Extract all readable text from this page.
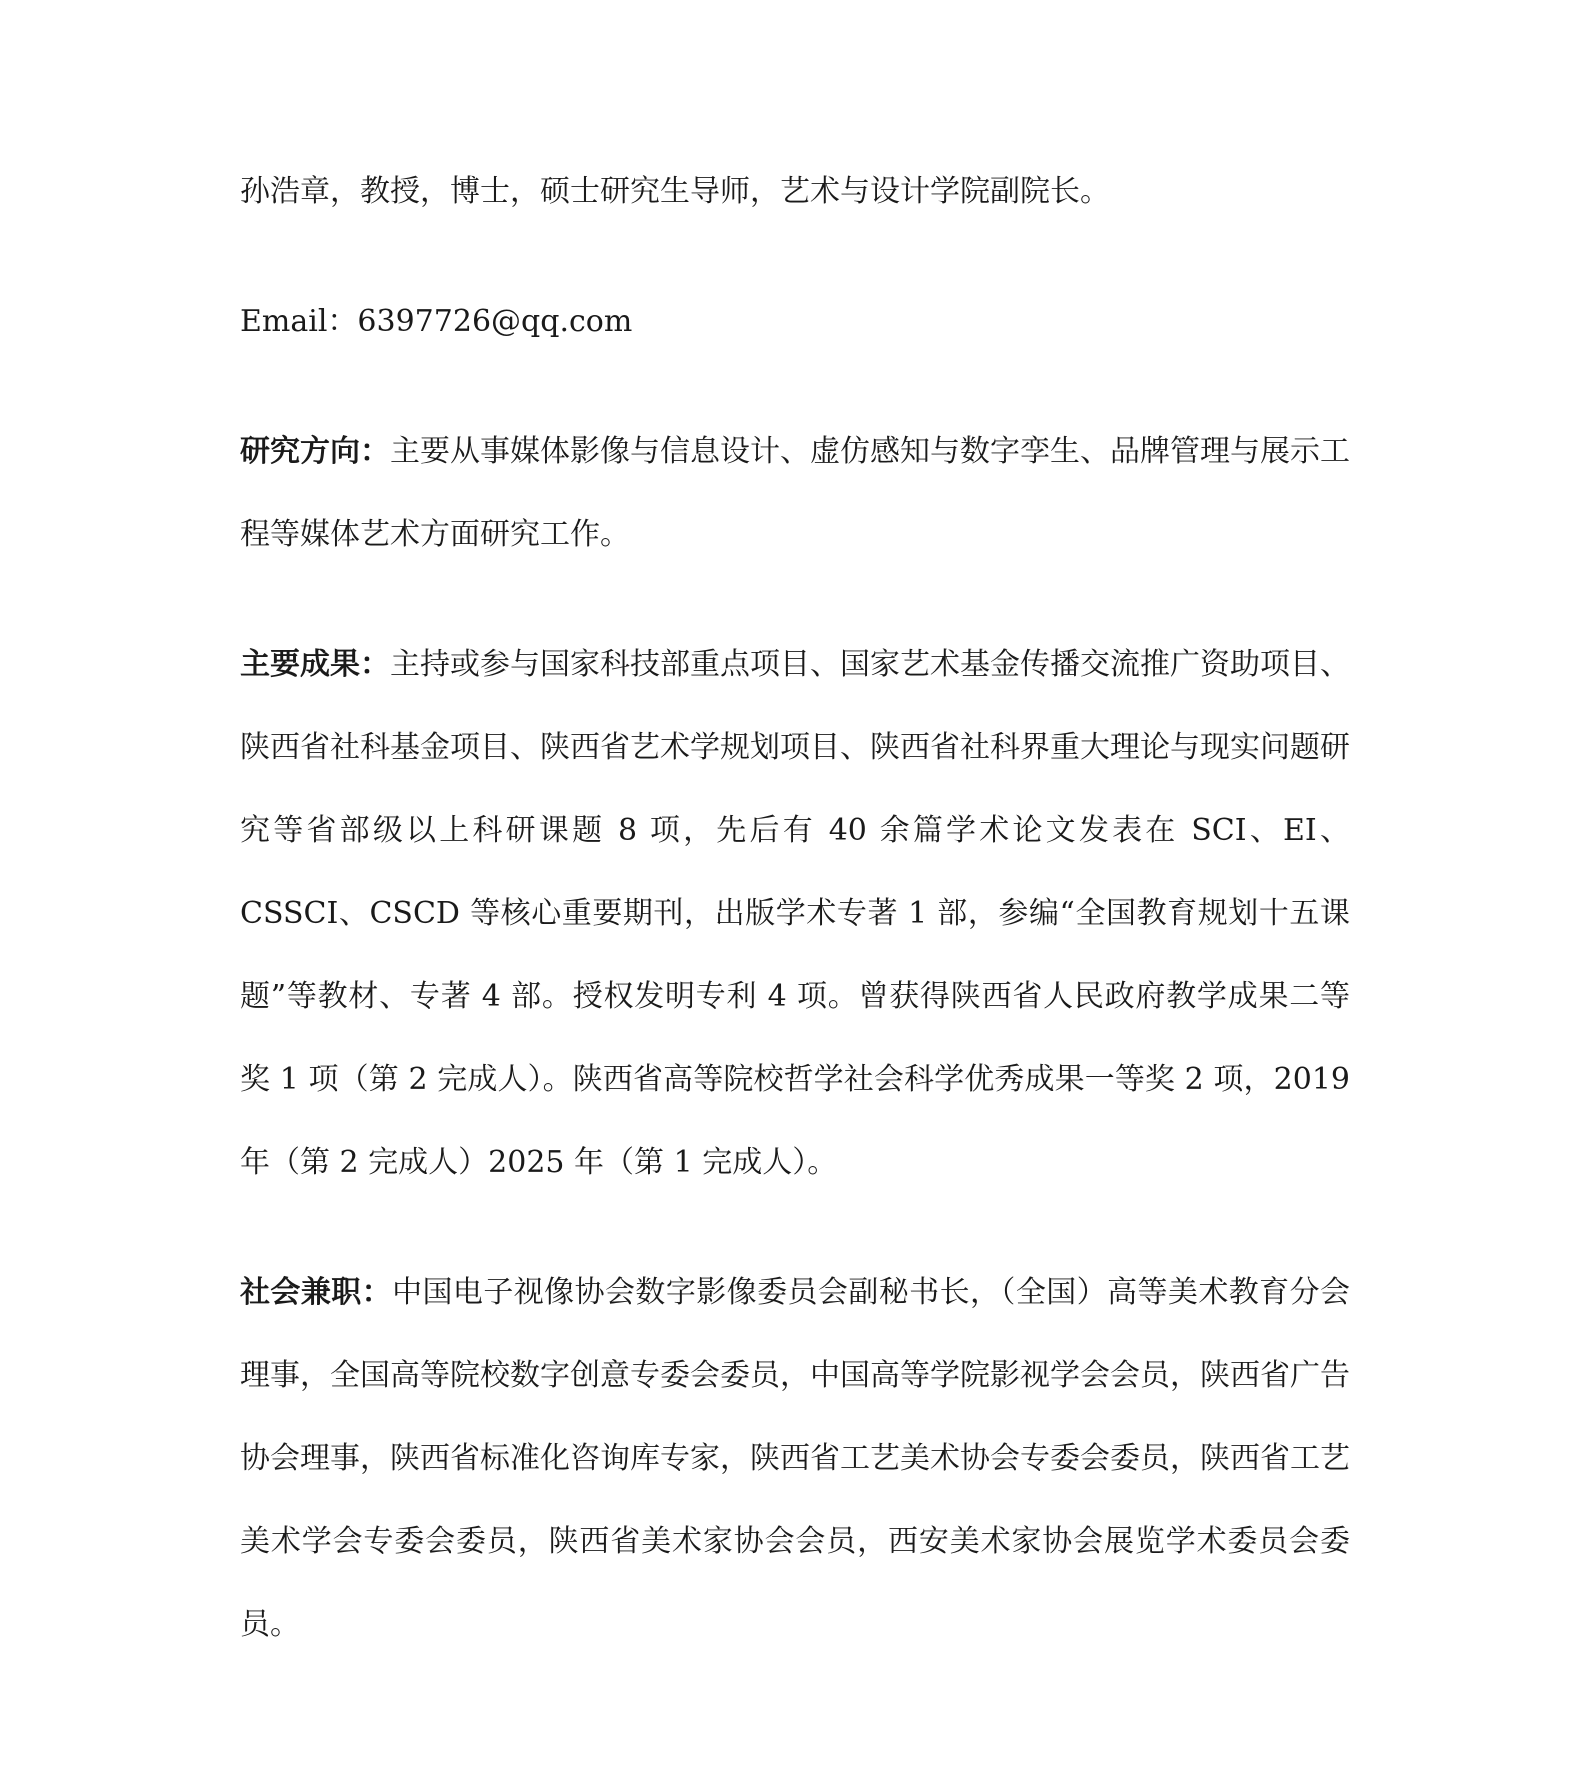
孙浩章，教授，博士，硕士研究生导师，艺术与设计学院副院长。

Email：6397726@qq.com

研究方向：主要从事媒体影像与信息设计、虚仿感知与数字孪生、品牌管理与展示工程等媒体艺术方面研究工作。

主要成果：主持或参与国家科技部重点项目、国家艺术基金传播交流推广资助项目、陕西省社科基金项目、陕西省艺术学规划项目、陕西省社科界重大理论与现实问题研究等省部级以上科研课题 8 项，先后有 40 余篇学术论文发表在 SCI、EI、CSSCI、CSCD 等核心重要期刊，出版学术专著 1 部，参编“全国教育规划十五课题”等教材、专著 4 部。授权发明专利 4 项。曾获得陕西省人民政府教学成果二等奖 1 项（第 2 完成人）。陕西省高等院校哲学社会科学优秀成果一等奖 2 项，2019 年（第 2 完成人）2025 年（第 1 完成人）。

社会兼职：中国电子视像协会数字影像委员会副秘书长，（全国）高等美术教育分会理事，全国高等院校数字创意专委会委员，中国高等学院影视学会会员，陕西省广告协会理事，陕西省标准化咨询库专家，陕西省工艺美术协会专委会委员，陕西省工艺美术学会专委会委员，陕西省美术家协会会员，西安美术家协会展览学术委员会委员。
